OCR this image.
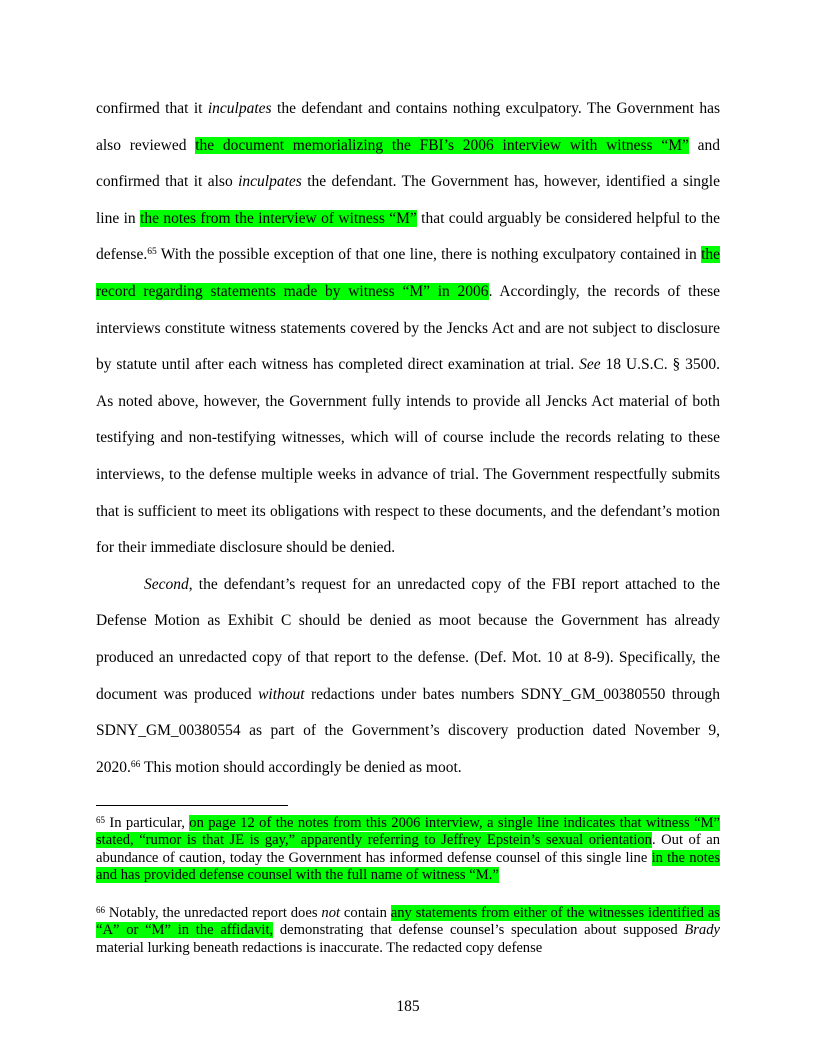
confirmed that it inculpates the defendant and contains nothing exculpatory. The Government has also reviewed the document memorializing the FBI’s 2006 interview with witness “M” and confirmed that it also inculpates the defendant. The Government has, however, identified a single line in the notes from the interview of witness “M” that could arguably be considered helpful to the defense.$^{65}$ With the possible exception of that one line, there is nothing exculpatory contained in the record regarding statements made by witness “M” in 2006. Accordingly, the records of these interviews constitute witness statements covered by the Jencks Act and are not subject to disclosure by statute until after each witness has completed direct examination at trial. See 18 U.S.C. § 3500. As noted above, however, the Government fully intends to provide all Jencks Act material of both testifying and non-testifying witnesses, which will of course include the records relating to these interviews, to the defense multiple weeks in advance of trial. The Government respectfully submits that is sufficient to meet its obligations with respect to these documents, and the defendant’s motion for their immediate disclosure should be denied.

Second, the defendant’s request for an unredacted copy of the FBI report attached to the Defense Motion as Exhibit C should be denied as moot because the Government has already produced an unredacted copy of that report to the defense. (Def. Mot. 10 at 8-9). Specifically, the document was produced without redactions under bates numbers SDNY_GM_00380550 through SDNY_GM_00380554 as part of the Government’s discovery production dated November 9, 2020.66 This motion should accordingly be denied as moot.

$^{65}$ In particular, on page 12 of the notes from this 2006 interview, a single line indicates that witness “M” stated, “rumor is that JE is gay,” apparently referring to Jeffrey Epstein’s sexual orientation. Out of an abundance of caution, today the Government has informed defense counsel of this single line in the notes and has provided defense counsel with the full name of witness “M.”

$^{66}$ Notably, the unredacted report does not contain any statements from either of the witnesses identified as “A” or “M” in the affidavit, demonstrating that defense counsel’s speculation about supposed Brady material lurking beneath redactions is inaccurate. The redacted copy defense

185
